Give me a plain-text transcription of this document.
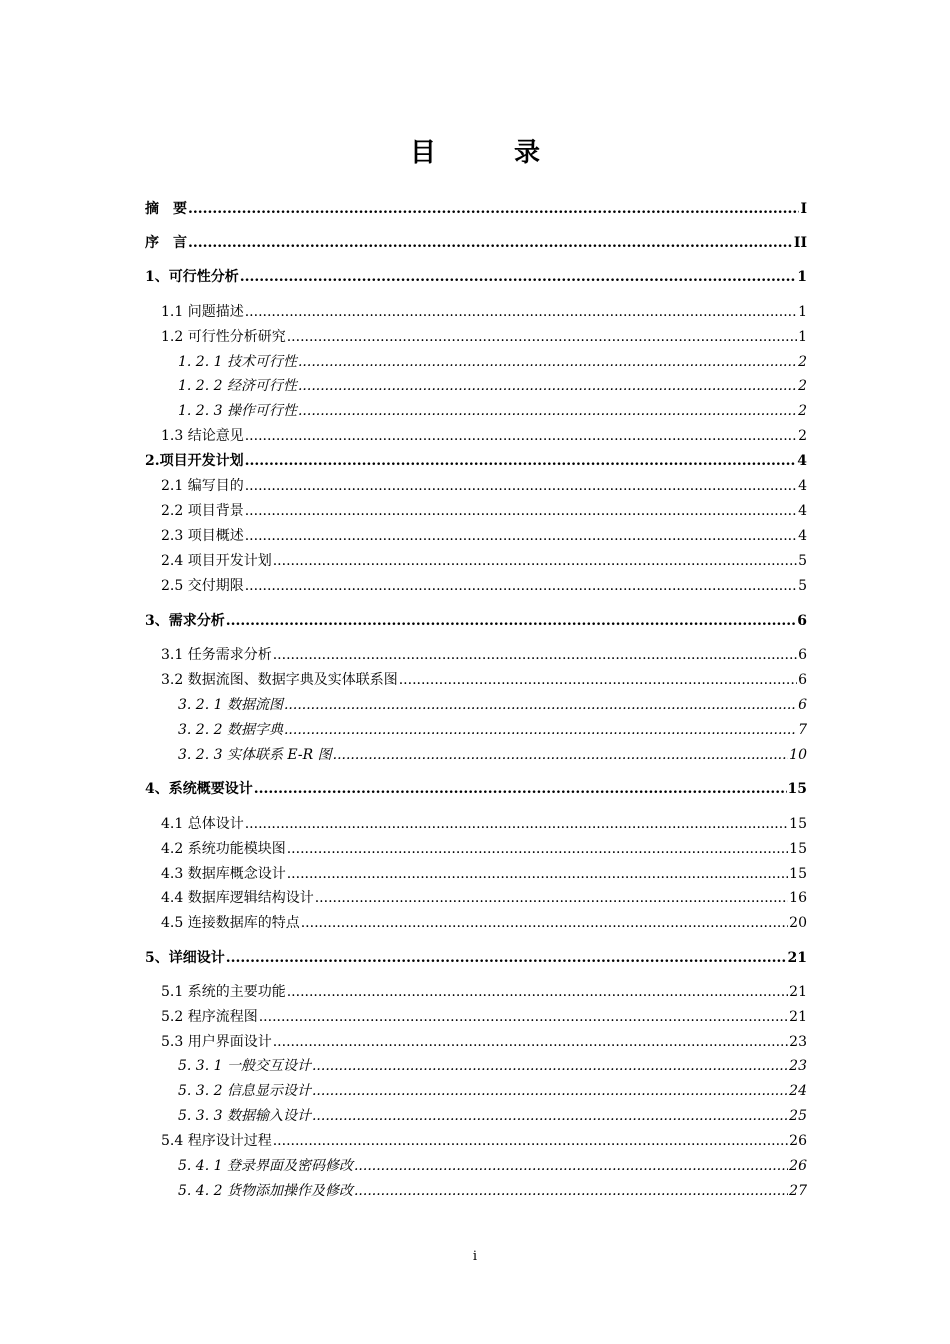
目　录
摘　要 .....	I
序　言 .....	II
1、可行性分析 .....	1
1.1 问题描述 .....	1
1.2 可行性分析研究 .....	1
1. 2. 1 技术可行性 .....	2
1. 2. 2 经济可行性 .....	2
1. 2. 3 操作可行性 .....	2
1.3 结论意见 .....	2
2.项目开发计划 .....	4
2.1 编写目的 .....	4
2.2 项目背景 .....	4
2.3 项目概述 .....	4
2.4 项目开发计划 .....	5
2.5 交付期限 .....	5
3、需求分析 .....	6
3.1 任务需求分析 .....	6
3.2 数据流图、数据字典及实体联系图 .....	6
3. 2. 1 数据流图 .....	6
3. 2. 2 数据字典 .....	7
3. 2. 3 实体联系 E-R 图 .....	10
4、系统概要设计 .....	15
4.1 总体设计 .....	15
4.2 系统功能模块图 .....	15
4.3 数据库概念设计 .....	15
4.4 数据库逻辑结构设计 .....	16
4.5 连接数据库的特点 .....	20
5、详细设计 .....	21
5.1 系统的主要功能 .....	21
5.2 程序流程图 .....	21
5.3 用户界面设计 .....	23
5. 3. 1 一般交互设计 .....	23
5. 3. 2 信息显示设计 .....	24
5. 3. 3 数据输入设计 .....	25
5.4 程序设计过程 .....	26
5. 4. 1 登录界面及密码修改 .....	26
5. 4. 2 货物添加操作及修改 .....	27
i
